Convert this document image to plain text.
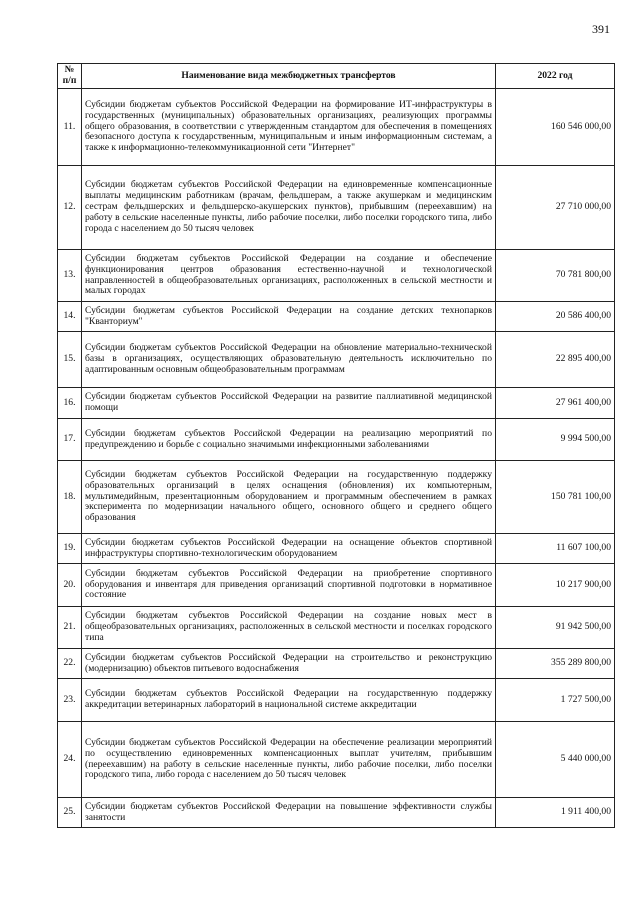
391
№ п/п	Наименование вида межбюджетных трансфертов	2022 год
11.	Субсидии бюджетам субъектов Российской Федерации на формирование ИТ-инфраструктуры в государственных (муниципальных) образовательных организациях, реализующих программы общего образования, в соответствии с утвержденным стандартом для обеспечения в помещениях безопасного доступа к государственным, муниципальным и иным информационным системам, а также к информационно-телекоммуникационной сети "Интернет"	160 546 000,00
12.	Субсидии бюджетам субъектов Российской Федерации на единовременные компенсационные выплаты медицинским работникам (врачам, фельдшерам, а также акушеркам и медицинским сестрам фельдшерских и фельдшерско-акушерских пунктов), прибывшим (переехавшим) на работу в сельские населенные пункты, либо рабочие поселки, либо поселки городского типа, либо города с населением до 50 тысяч человек	27 710 000,00
13.	Субсидии бюджетам субъектов Российской Федерации на создание и обеспечение функционирования центров образования естественно-научной и технологической направленностей в общеобразовательных организациях, расположенных в сельской местности и малых городах	70 781 800,00
14.	Субсидии бюджетам субъектов Российской Федерации на создание детских технопарков "Кванториум"	20 586 400,00
15.	Субсидии бюджетам субъектов Российской Федерации на обновление материально-технической базы в организациях, осуществляющих образовательную деятельность исключительно по адаптированным основным общеобразовательным программам	22 895 400,00
16.	Субсидии бюджетам субъектов Российской Федерации на развитие паллиативной медицинской помощи	27 961 400,00
17.	Субсидии бюджетам субъектов Российской Федерации на реализацию мероприятий по предупреждению и борьбе с социально значимыми инфекционными заболеваниями	9 994 500,00
18.	Субсидии бюджетам субъектов Российской Федерации на государственную поддержку образовательных организаций в целях оснащения (обновления) их компьютерным, мультимедийным, презентационным оборудованием и программным обеспечением в рамках эксперимента по модернизации начального общего, основного общего и среднего общего образования	150 781 100,00
19.	Субсидии бюджетам субъектов Российской Федерации на оснащение объектов спортивной инфраструктуры спортивно-технологическим оборудованием	11 607 100,00
20.	Субсидии бюджетам субъектов Российской Федерации на приобретение спортивного оборудования и инвентаря для приведения организаций спортивной подготовки в нормативное состояние	10 217 900,00
21.	Субсидии бюджетам субъектов Российской Федерации на создание новых мест в общеобразовательных организациях, расположенных в сельской местности и поселках городского типа	91 942 500,00
22.	Субсидии бюджетам субъектов Российской Федерации на строительство и реконструкцию (модернизацию) объектов питьевого водоснабжения	355 289 800,00
23.	Субсидии бюджетам субъектов Российской Федерации на государственную поддержку аккредитации ветеринарных лабораторий в национальной системе аккредитации	1 727 500,00
24.	Субсидии бюджетам субъектов Российской Федерации на обеспечение реализации мероприятий по осуществлению единовременных компенсационных выплат учителям, прибывшим (переехавшим) на работу в сельские населенные пункты, либо рабочие поселки, либо поселки городского типа, либо города с населением до 50 тысяч человек	5 440 000,00
25.	Субсидии бюджетам субъектов Российской Федерации на повышение эффективности службы занятости	1 911 400,00
